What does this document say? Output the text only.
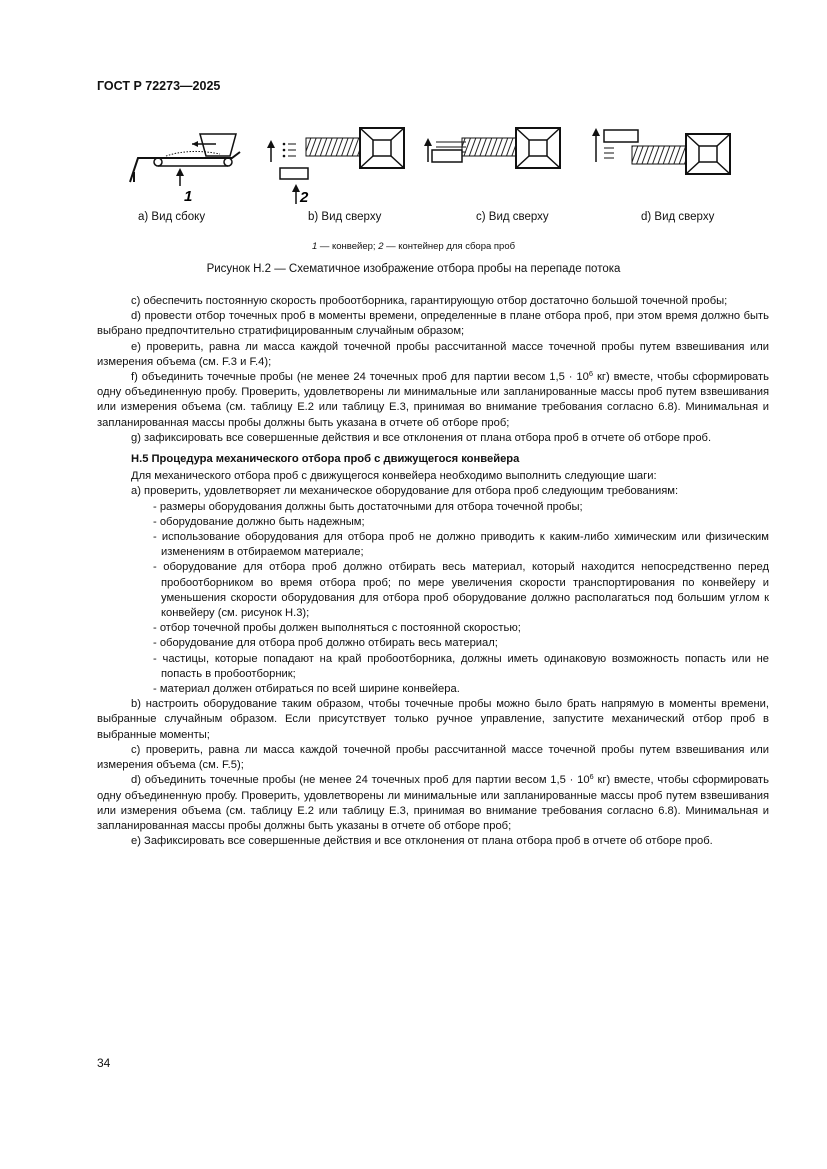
ГОСТ Р 72273—2025
1	2
а) Вид сбоку	b) Вид сверху	с) Вид сверху	d) Вид сверху
1 — конвейер; 2 — контейнер для сбора проб
Рисунок Н.2 — Схематичное изображение отбора пробы на перепаде потока

с) обеспечить постоянную скорость пробоотборника, гарантирующую отбор достаточно большой точечной пробы;

d) провести отбор точечных проб в моменты времени, определенные в плане отбора проб, при этом время должно быть выбрано предпочтительно стратифицированным случайным образом;

е) проверить, равна ли масса каждой точечной пробы рассчитанной массе точечной пробы путем взвешивания или измерения объема (см. F.3 и F.4);

f) объединить точечные пробы (не менее 24 точечных проб для партии весом $1,5 \cdot 10^6$ кг) вместе, чтобы сформировать одну объединенную пробу. Проверить, удовлетворены ли минимальные или запланированные массы проб путем взвешивания или измерения объема (см. таблицу Е.2 или таблицу Е.3, принимая во внимание требования согласно 6.8). Минимальная и запланированная массы пробы должны быть указана в отчете об отборе проб;

g) зафиксировать все совершенные действия и все отклонения от плана отбора проб в отчете об отборе проб.

Н.5 Процедура механического отбора проб с движущегося конвейера

Для механического отбора проб с движущегося конвейера необходимо выполнить следующие шаги:

а) проверить, удовлетворяет ли механическое оборудование для отбора проб следующим требованиям:

- размеры оборудования должны быть достаточными для отбора точечной пробы;

- оборудование должно быть надежным;

- использование оборудования для отбора проб не должно приводить к каким-либо химическим или физическим изменениям в отбираемом материале;

- оборудование для отбора проб должно отбирать весь материал, который находится непосредственно перед пробоотборником во время отбора проб; по мере увеличения скорости транспортирования по конвейеру и уменьшения скорости оборудования для отбора проб оборудование должно располагаться под большим углом к конвейеру (см. рисунок Н.3);

- отбор точечной пробы должен выполняться с постоянной скоростью;

- оборудование для отбора проб должно отбирать весь материал;

- частицы, которые попадают на край пробоотборника, должны иметь одинаковую возможность попасть или не попасть в пробоотборник;

- материал должен отбираться по всей ширине конвейера.

b) настроить оборудование таким образом, чтобы точечные пробы можно было брать напрямую в моменты времени, выбранные случайным образом. Если присутствует только ручное управление, запустите механический отбор проб в выбранные моменты;

с) проверить, равна ли масса каждой точечной пробы рассчитанной массе точечной пробы путем взвешивания или измерения объема (см. F.5);

d) объединить точечные пробы (не менее 24 точечных проб для партии весом $1,5 \cdot 10^6$ кг) вместе, чтобы сформировать одну объединенную пробу. Проверить, удовлетворены ли минимальные или запланированные массы проб путем взвешивания или измерения объема (см. таблицу Е.2 или таблицу Е.3, принимая во внимание требования согласно 6.8). Минимальная и запланированная массы пробы должны быть указаны в отчете об отборе проб;

е) Зафиксировать все совершенные действия и все отклонения от плана отбора проб в отчете об отборе проб.

34
